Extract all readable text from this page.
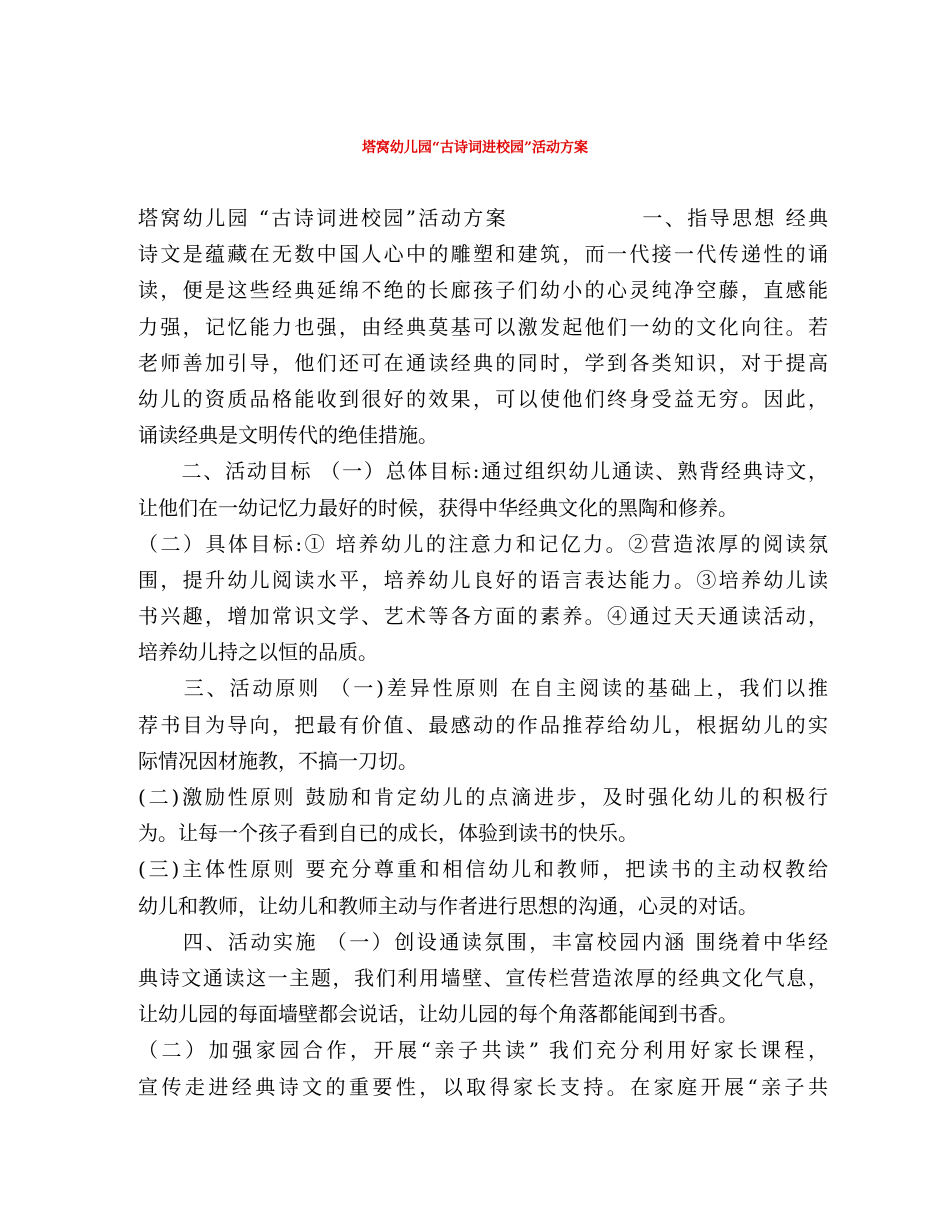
塔窝幼儿园“古诗词进校园”活动方案
塔窝幼儿园 “古诗词进校园”活动方案　　　　　　一、指导思想 经典
诗文是蕴藏在无数中国人心中的雕塑和建筑，而一代接一代传递性的诵
读，便是这些经典延绵不绝的长廊孩子们幼小的心灵纯净空藤，直感能
力强，记忆能力也强，由经典莫基可以激发起他们一幼的文化向往。若
老师善加引导，他们还可在通读经典的同时，学到各类知识，对于提高
幼儿的资质品格能收到很好的效果，可以使他们终身受益无穷。因此，
诵读经典是文明传代的绝佳措施。
　　二、活动目标 （一）总体目标:通过组织幼儿通读、熟背经典诗文，
让他们在一幼记忆力最好的时候，获得中华经典文化的黑陶和修养。
（二）具体目标:① 培养幼儿的注意力和记亿力。②营造浓厚的阅读氛
围，提升幼儿阅读水平，培养幼儿良好的语言表达能力。③培养幼儿读
书兴趣，增加常识文学、艺术等各方面的素养。④通过天天通读活动，
培养幼儿持之以恒的品质。
　　三、活动原则 （一)差异性原则 在自主阅读的基础上，我们以推
荐书目为导向，把最有价值、最感动的作品推荐给幼儿，根据幼儿的实
际情况因材施教，不搞一刀切。
(二)激励性原则 鼓励和肯定幼儿的点滴进步，及时强化幼儿的积极行
为。让每一个孩子看到自已的成长，体验到读书的快乐。
(三)主体性原则 要充分尊重和相信幼儿和教师，把读书的主动权教给
幼儿和教师，让幼儿和教师主动与作者进行思想的沟通，心灵的对话。
　　四、活动实施 （一）创设通读氛围，丰富校园内涵 围绕着中华经
典诗文通读这一主题，我们利用墙壁、宣传栏营造浓厚的经典文化气息，
让幼儿园的每面墙壁都会说话，让幼儿园的每个角落都能闻到书香。
（二）加强家园合作，开展“亲子共读” 我们充分利用好家长课程，
宣传走进经典诗文的重要性，以取得家长支持。在家庭开展“亲子共
